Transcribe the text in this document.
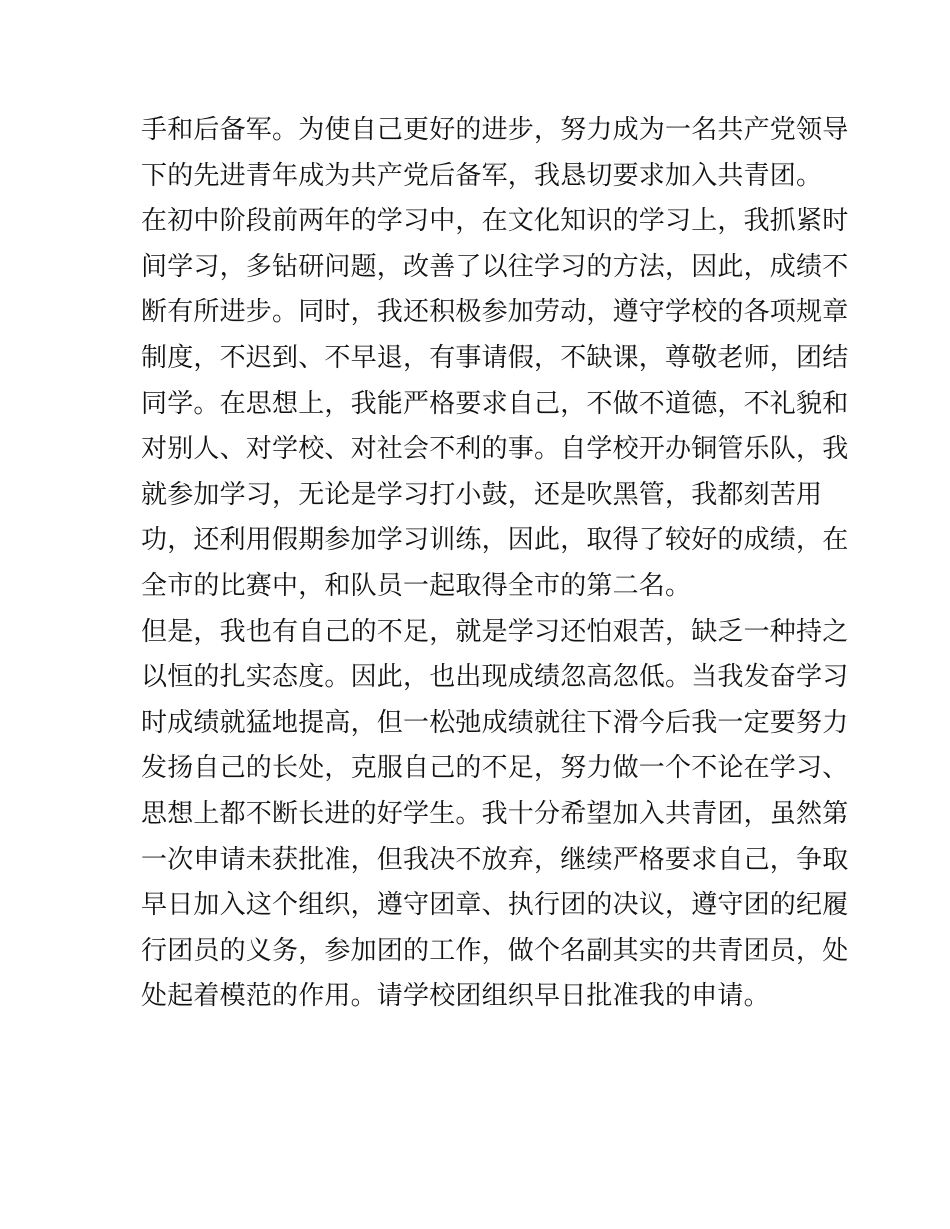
手和后备军。为使自己更好的进步，努力成为一名共产党领导
下的先进青年成为共产党后备军，我恳切要求加入共青团。
在初中阶段前两年的学习中，在文化知识的学习上，我抓紧时
间学习，多钻研问题，改善了以往学习的方法，因此，成绩不
断有所进步。同时，我还积极参加劳动，遵守学校的各项规章
制度，不迟到、不早退，有事请假，不缺课，尊敬老师，团结
同学。在思想上，我能严格要求自己，不做不道德，不礼貌和
对别人、对学校、对社会不利的事。自学校开办铜管乐队，我
就参加学习，无论是学习打小鼓，还是吹黑管，我都刻苦用
功，还利用假期参加学习训练，因此，取得了较好的成绩，在
全市的比赛中，和队员一起取得全市的第二名。
但是，我也有自己的不足，就是学习还怕艰苦，缺乏一种持之
以恒的扎实态度。因此，也出现成绩忽高忽低。当我发奋学习
时成绩就猛地提高，但一松弛成绩就往下滑今后我一定要努力
发扬自己的长处，克服自己的不足，努力做一个不论在学习、
思想上都不断长进的好学生。我十分希望加入共青团，虽然第
一次申请未获批准，但我决不放弃，继续严格要求自己，争取
早日加入这个组织，遵守团章、执行团的决议，遵守团的纪履
行团员的义务，参加团的工作，做个名副其实的共青团员，处
处起着模范的作用。请学校团组织早日批准我的申请。
